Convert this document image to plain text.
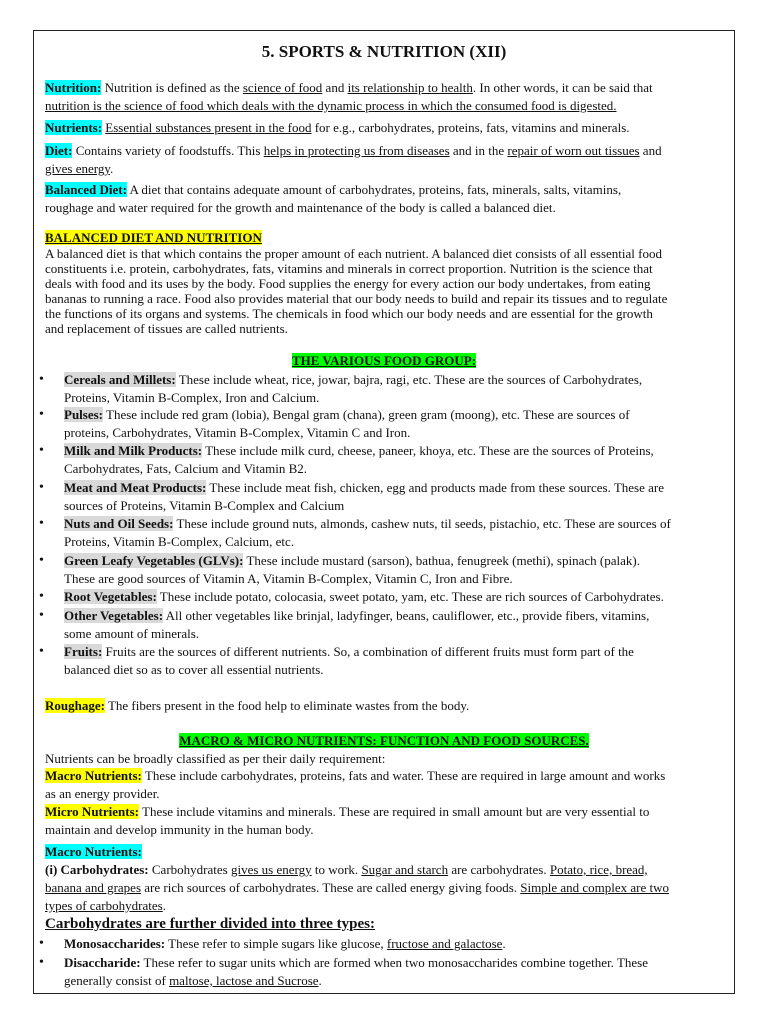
5. SPORTS & NUTRITION (XII)
Nutrition: Nutrition is defined as the science of food and its relationship to health. In other words, it can be said that
nutrition is the science of food which deals with the dynamic process in which the consumed food is digested.
Nutrients: Essential substances present in the food for e.g., carbohydrates, proteins, fats, vitamins and minerals.
Diet: Contains variety of foodstuffs. This helps in protecting us from diseases and in the repair of worn out tissues and
gives energy.
Balanced Diet: A diet that contains adequate amount of carbohydrates, proteins, fats, minerals, salts, vitamins,
roughage and water required for the growth and maintenance of the body is called a balanced diet.
BALANCED DIET AND NUTRITION
A balanced diet is that which contains the proper amount of each nutrient. A balanced diet consists of all essential food
constituents i.e. protein, carbohydrates, fats, vitamins and minerals in correct proportion. Nutrition is the science that
deals with food and its uses by the body. Food supplies the energy for every action our body undertakes, from eating
bananas to running a race. Food also provides material that our body needs to build and repair its tissues and to regulate
the functions of its organs and systems. The chemicals in food which our body needs and are essential for the growth
and replacement of tissues are called nutrients.
THE VARIOUS FOOD GROUP:
• Cereals and Millets: These include wheat, rice, jowar, bajra, ragi, etc. These are the sources of Carbohydrates,
Proteins, Vitamin B-Complex, Iron and Calcium.
• Pulses: These include red gram (lobia), Bengal gram (chana), green gram (moong), etc. These are sources of
proteins, Carbohydrates, Vitamin B-Complex, Vitamin C and Iron.
• Milk and Milk Products: These include milk curd, cheese, paneer, khoya, etc. These are the sources of Proteins,
Carbohydrates, Fats, Calcium and Vitamin B2.
• Meat and Meat Products: These include meat fish, chicken, egg and products made from these sources. These are
sources of Proteins, Vitamin B-Complex and Calcium
• Nuts and Oil Seeds: These include ground nuts, almonds, cashew nuts, til seeds, pistachio, etc. These are sources of
Proteins, Vitamin B-Complex, Calcium, etc.
• Green Leafy Vegetables (GLVs): These include mustard (sarson), bathua, fenugreek (methi), spinach (palak).
These are good sources of Vitamin A, Vitamin B-Complex, Vitamin C, Iron and Fibre.
• Root Vegetables: These include potato, colocasia, sweet potato, yam, etc. These are rich sources of Carbohydrates.
• Other Vegetables: All other vegetables like brinjal, ladyfinger, beans, cauliflower, etc., provide fibers, vitamins,
some amount of minerals.
• Fruits: Fruits are the sources of different nutrients. So, a combination of different fruits must form part of the
balanced diet so as to cover all essential nutrients.
Roughage: The fibers present in the food help to eliminate wastes from the body.
MACRO & MICRO NUTRIENTS: FUNCTION AND FOOD SOURCES.
Nutrients can be broadly classified as per their daily requirement:
Macro Nutrients: These include carbohydrates, proteins, fats and water. These are required in large amount and works
as an energy provider.
Micro Nutrients: These include vitamins and minerals. These are required in small amount but are very essential to
maintain and develop immunity in the human body.
Macro Nutrients:
(i) Carbohydrates: Carbohydrates gives us energy to work. Sugar and starch are carbohydrates. Potato, rice, bread,
banana and grapes are rich sources of carbohydrates. These are called energy giving foods. Simple and complex are two
types of carbohydrates.
Carbohydrates are further divided into three types:
• Monosaccharides: These refer to simple sugars like glucose, fructose and galactose.
• Disaccharide: These refer to sugar units which are formed when two monosaccharides combine together. These
generally consist of maltose, lactose and Sucrose.
